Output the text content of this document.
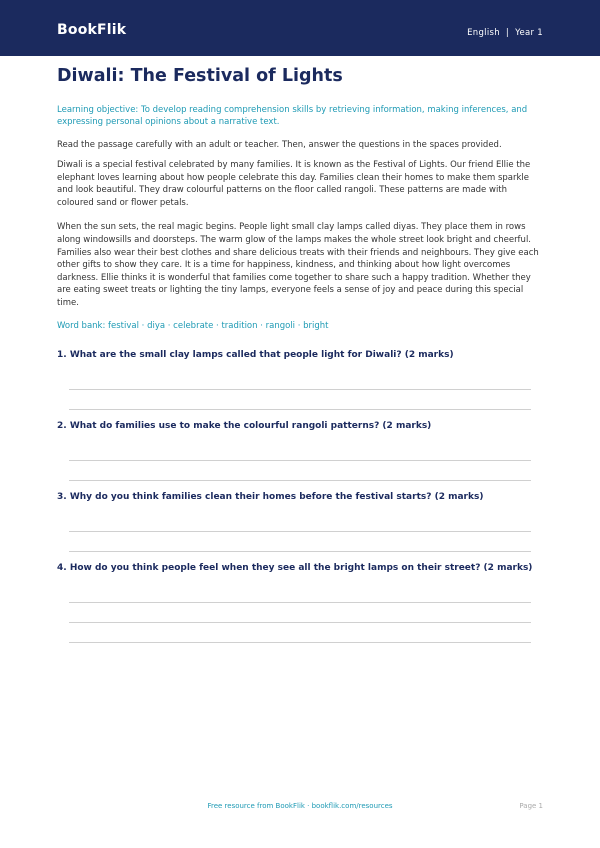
BookFlik	English | Year 1
Diwali: The Festival of Lights

Learning objective: To develop reading comprehension skills by retrieving information, making inferences, and expressing personal opinions about a narrative text.

Read the passage carefully with an adult or teacher. Then, answer the questions in the spaces provided.

Diwali is a special festival celebrated by many families. It is known as the Festival of Lights. Our friend Ellie the elephant loves learning about how people celebrate this day. Families clean their homes to make them sparkle and look beautiful. They draw colourful patterns on the floor called rangoli. These patterns are made with coloured sand or flower petals.

When the sun sets, the real magic begins. People light small clay lamps called diyas. They place them in rows along windowsills and doorsteps. The warm glow of the lamps makes the whole street look bright and cheerful. Families also wear their best clothes and share delicious treats with their friends and neighbours. They give each other gifts to show they care. It is a time for happiness, kindness, and thinking about how light overcomes darkness. Ellie thinks it is wonderful that families come together to share such a happy tradition. Whether they are eating sweet treats or lighting the tiny lamps, everyone feels a sense of joy and peace during this special time.

Word bank: festival · diya · celebrate · tradition · rangoli · bright

1. What are the small clay lamps called that people light for Diwali? (2 marks)

2. What do families use to make the colourful rangoli patterns? (2 marks)

3. Why do you think families clean their homes before the festival starts? (2 marks)

4. How do you think people feel when they see all the bright lamps on their street? (2 marks)

Free resource from BookFlik · bookflik.com/resources	Page 1
